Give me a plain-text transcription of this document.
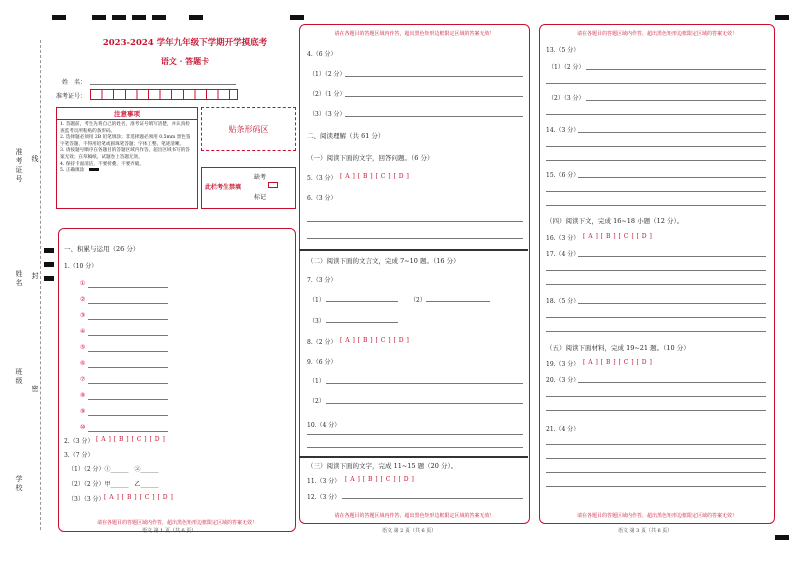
准考证号 线
姓名 封
班级
密
学校
2023-2024 学年九年级下学期开学摸底考
语文 · 答题卡
姓　名：
准考证号：
注意事项
1. 答题前，考生先将自己的姓名，准考证号填写清楚，并认真检查监考员所粘贴的条形码。
2. 选择题必须用 2B 铅笔填涂；非选择题必须用 0.5mm 黑色签字笔答题，不得用铅笔或圆珠笔答题；字体工整、笔迹清晰。
3. 请按题号顺序在各题目的答题区域内作答，超出区域书写的答案无效；在草稿纸、试题卷上答题无效。
4. 保持卡面清洁，不要折叠、不要弄破。
5. 正确填涂
贴条形码区
此栏考生禁填
缺考
标记
一、积累与运用（26 分）
1.（10 分）
①
②
③
④
⑤
⑥
⑦
⑧
⑨
⑩
2.（3 分） [ A ] [ B ] [ C ] [ D ]
3.（7 分）
（1）（2 分）①______　②______
（2）（2 分）甲______　乙______
（3）（3 分） [ A ] [ B ] [ C ] [ D ]
请在各题目的答题区域内作答，超出黑色矩形边框限定区域的答案无效！
语文 第 1 页（共 6 页）
请在各题目的答题区域内作答，超出黑色矩形边框限定区域的答案无效！
4.（6 分）
（1）（2 分）
（2）（1 分）
（3）（3 分）
二、阅读理解（共 61 分）
（一）阅读下面的文字，回答问题。（6 分）
5.（3 分） [ A ] [ B ] [ C ] [ D ]
6.（3 分）
（二）阅读下面的文言文，完成 7~10 题。（16 分）
7.（3 分）
（1）	（2）
（3）
8.（2 分） [ A ] [ B ] [ C ] [ D ]
9.（6 分）
（1）
（2）
10.（4 分）
（三）阅读下面的文字，完成 11~15 题（20 分）。
11.（3 分） [ A ] [ B ] [ C ] [ D ]
12.（3 分）
请在各题目的答题区域内作答，超出黑色矩形边框限定区域的答案无效！
语文 第 2 页（共 6 页）
请在各题目的答题区域内作答，超出黑色矩形边框限定区域的答案无效！
13.（5 分）
（1）（2 分）
（2）（3 分）
14.（3 分）
15.（6 分）
（四）阅读下文，完成 16~18 小题（12 分）。
16.（3 分） [ A ] [ B ] [ C ] [ D ]
17.（4 分）
18.（5 分）
（五）阅读下面材料，完成 19~21 题。（10 分）
19.（3 分） [ A ] [ B ] [ C ] [ D ]
20.（3 分）
21.（4 分）
请在各题目的答题区域内作答，超出黑色矩形边框限定区域的答案无效！
语文 第 3 页（共 6 页）
